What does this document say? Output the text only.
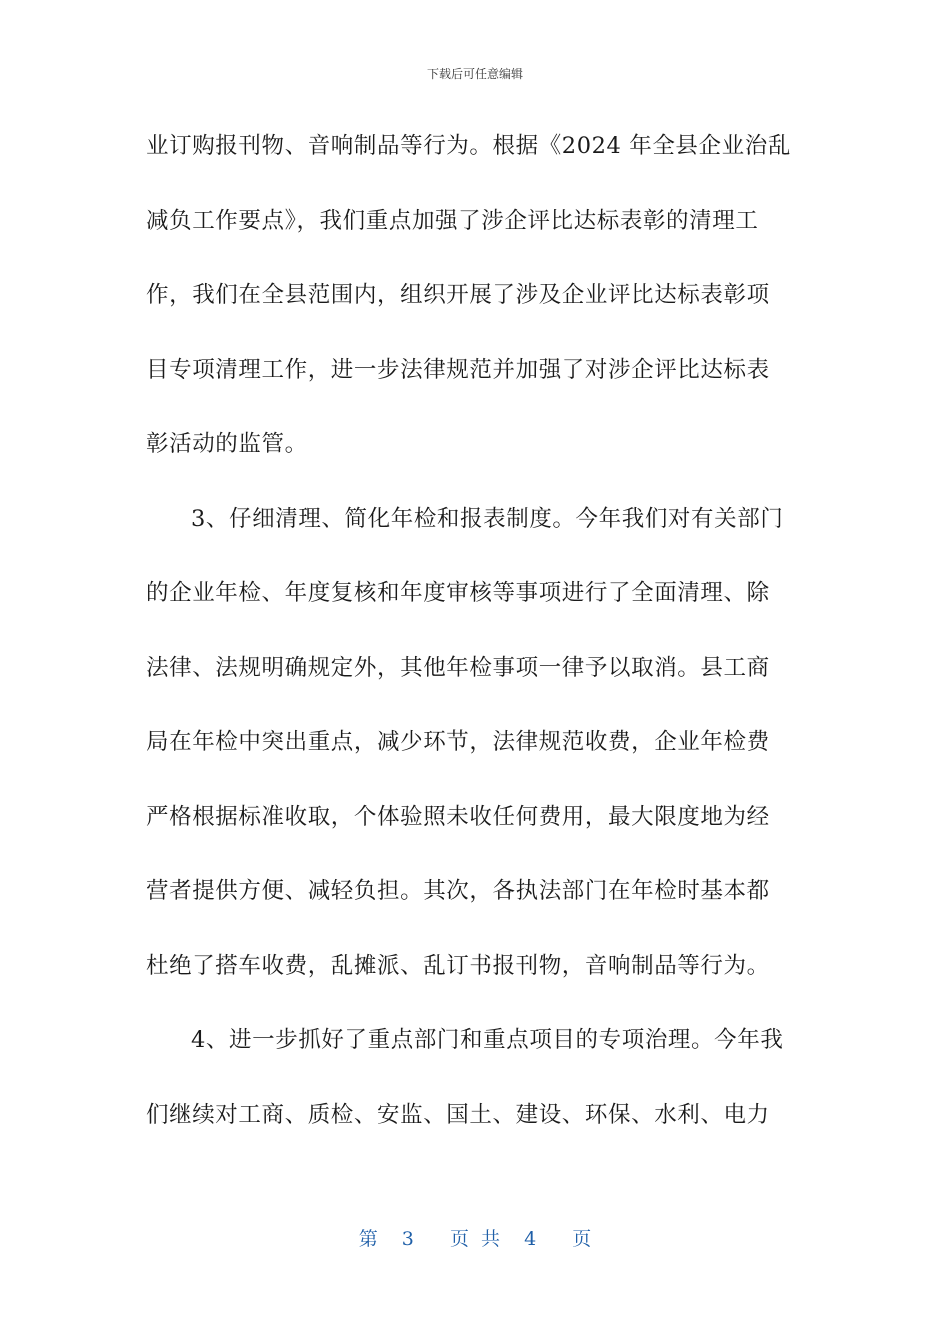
下载后可任意编辑
业订购报刊物、音响制品等行为。根据《2024 年全县企业治乱
减负工作要点》，我们重点加强了涉企评比达标表彰的清理工
作，我们在全县范围内，组织开展了涉及企业评比达标表彰项
目专项清理工作，进一步法律规范并加强了对涉企评比达标表
彰活动的监管。
3、仔细清理、简化年检和报表制度。今年我们对有关部门
的企业年检、年度复核和年度审核等事项进行了全面清理、除
法律、法规明确规定外，其他年检事项一律予以取消。县工商
局在年检中突出重点，减少环节，法律规范收费，企业年检费
严格根据标准收取，个体验照未收任何费用，最大限度地为经
营者提供方便、减轻负担。其次，各执法部门在年检时基本都
杜绝了搭车收费，乱摊派、乱订书报刊物，音响制品等行为。
4、进一步抓好了重点部门和重点项目的专项治理。今年我
们继续对工商、质检、安监、国土、建设、环保、水利、电力
第  3   页 共  4   页
